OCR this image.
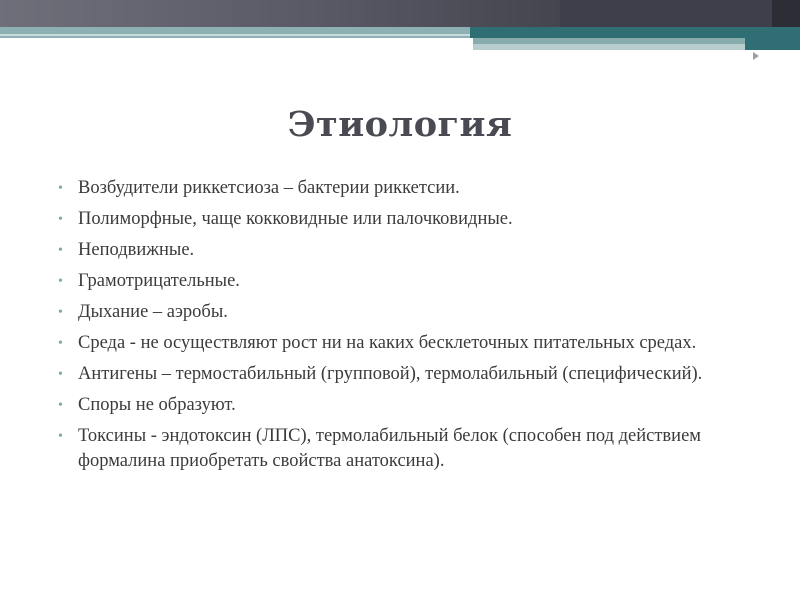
Этиология
• Возбудители риккетсиоза – бактерии риккетсии.
• Полиморфные, чаще кокковидные или палочковидные.
• Неподвижные.
• Грамотрицательные.
• Дыхание – аэробы.
• Среда - не осуществляют рост ни на каких бесклеточных питательных средах.
• Антигены – термостабильный (групповой), термолабильный (специфический).
• Споры не образуют.
• Токсины - эндотоксин (ЛПС), термолабильный белок (способен под действием формалина приобретать свойства анатоксина).
